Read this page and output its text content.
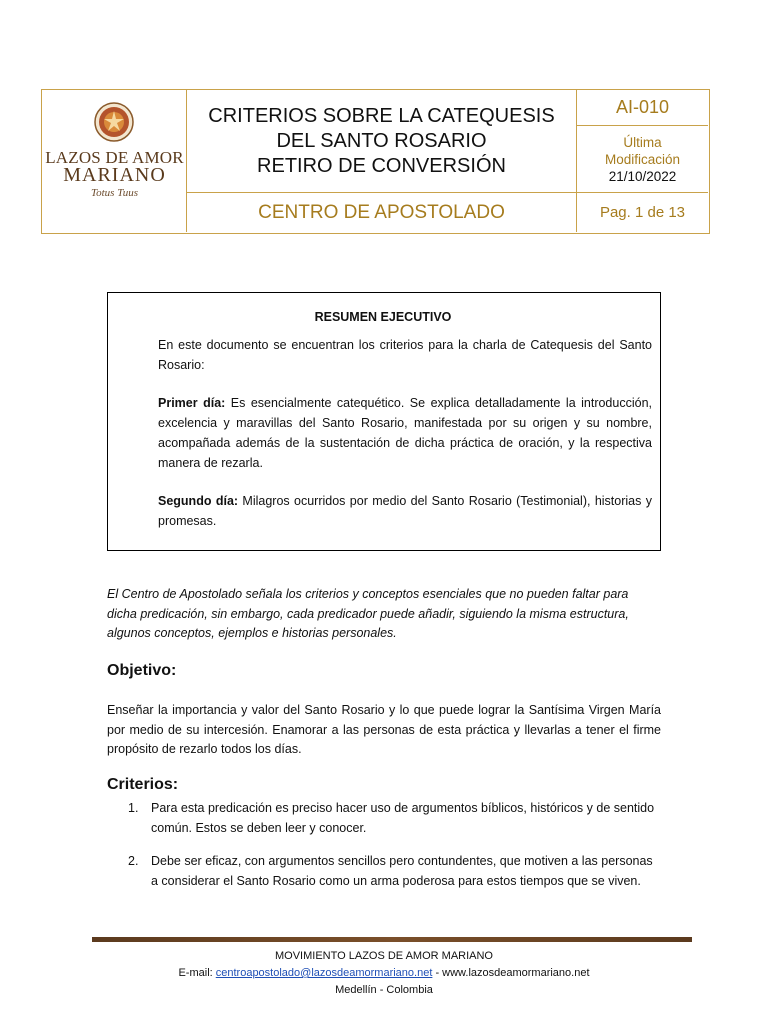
LAZOS DE AMOR
MARIANO
Totus Tuus
CRITERIOS SOBRE LA CATEQUESIS
DEL SANTO ROSARIO
RETIRO DE CONVERSIÓN
AI-010
Última
Modificación
21/10/2022
CENTRO DE APOSTOLADO	Pag. 1 de 13
RESUMEN EJECUTIVO

En este documento se encuentran los criterios para la charla de Catequesis del Santo Rosario:

Primer día: Es esencialmente catequético. Se explica detalladamente la introducción, excelencia y maravillas del Santo Rosario, manifestada por su origen y su nombre, acompañada además de la sustentación de dicha práctica de oración, y la respectiva manera de rezarla.

Segundo día: Milagros ocurridos por medio del Santo Rosario (Testimonial), historias y promesas.

El Centro de Apostolado señala los criterios y conceptos esenciales que no pueden faltar para dicha predicación, sin embargo, cada predicador puede añadir, siguiendo la misma estructura, algunos conceptos, ejemplos e historias personales.
Objetivo:
Enseñar la importancia y valor del Santo Rosario y lo que puede lograr la Santísima Virgen María por medio de su intercesión. Enamorar a las personas de esta práctica y llevarlas a tener el firme propósito de rezarlo todos los días.
Criterios:
1. Para esta predicación es preciso hacer uso de argumentos bíblicos, históricos y de sentido común. Estos se deben leer y conocer.
2. Debe ser eficaz, con argumentos sencillos pero contundentes, que motiven a las personas a considerar el Santo Rosario como un arma poderosa para estos tiempos que se viven.
MOVIMIENTO LAZOS DE AMOR MARIANO
E-mail: centroapostolado@lazosdeamormariano.net - www.lazosdeamormariano.net
Medellín - Colombia
